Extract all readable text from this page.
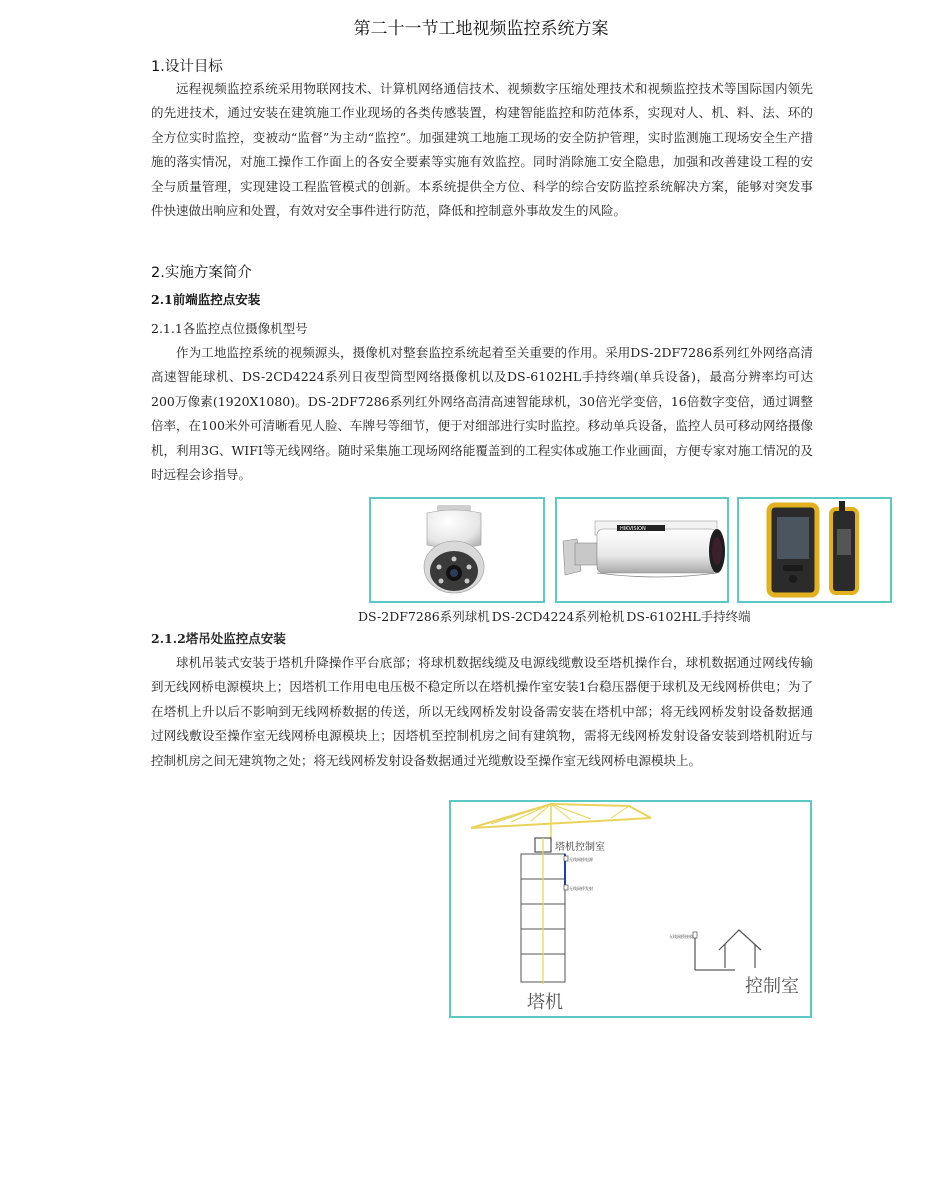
第二十一节工地视频监控系统方案
1.设计目标

远程视频监控系统采用物联网技术、计算机网络通信技术、视频数字压缩处理技术和视频监控技术等国际国内领先的先进技术，通过安装在建筑施工作业现场的各类传感装置，构建智能监控和防范体系，实现对人、机、料、法、环的全方位实时监控，变被动“监督”为主动“监控”。加强建筑工地施工现场的安全防护管理，实时监测施工现场安全生产措施的落实情况，对施工操作工作面上的各安全要素等实施有效监控。同时消除施工安全隐患，加强和改善建设工程的安全与质量管理，实现建设工程监管模式的创新。本系统提供全方位、科学的综合安防监控系统解决方案，能够对突发事件快速做出响应和处置，有效对安全事件进行防范，降低和控制意外事故发生的风险。

2.实施方案简介
2.1前端监控点安装
2.1.1各监控点位摄像机型号

作为工地监控系统的视频源头，摄像机对整套监控系统起着至关重要的作用。采用DS-2DF7286系列红外网络高清高速智能球机、DS-2CD4224系列日夜型筒型网络摄像机以及DS-6102HL手持终端(单兵设备)，最高分辨率均可达200万像素(1920X1080)。DS-2DF7286系列红外网络高清高速智能球机，30倍光学变倍，16倍数字变倍，通过调整倍率，在100米外可清晰看见人脸、车牌号等细节，便于对细部进行实时监控。移动单兵设备，监控人员可移动网络摄像机，利用3G、WIFI等无线网络。随时采集施工现场网络能覆盖到的工程实体或施工作业画面，方便专家对施工情况的及时远程会诊指导。

HIKVISION
DS-2DF7286系列球机 DS-2CD4224系列枪机 DS-6102HL手持终端
2.1.2塔吊处监控点安装

球机吊装式安装于塔机升降操作平台底部；将球机数据线缆及电源线缆敷设至塔机操作台，球机数据通过网线传输到无线网桥电源模块上；因塔机工作用电电压极不稳定所以在塔机操作室安装1台稳压器便于球机及无线网桥供电；为了在塔机上升以后不影响到无线网桥数据的传送，所以无线网桥发射设备需安装在塔机中部；将无线网桥发射设备数据通过网线敷设至操作室无线网桥电源模块上；因塔机至控制机房之间有建筑物，需将无线网桥发射设备安装到塔机附近与控制机房之间无建筑物之处；将无线网桥发射设备数据通过光缆敷设至操作室无线网桥电源模块上。

塔机控制室
无线网桥电源
无线网桥发射
塔机
无线网桥接收
控制室
